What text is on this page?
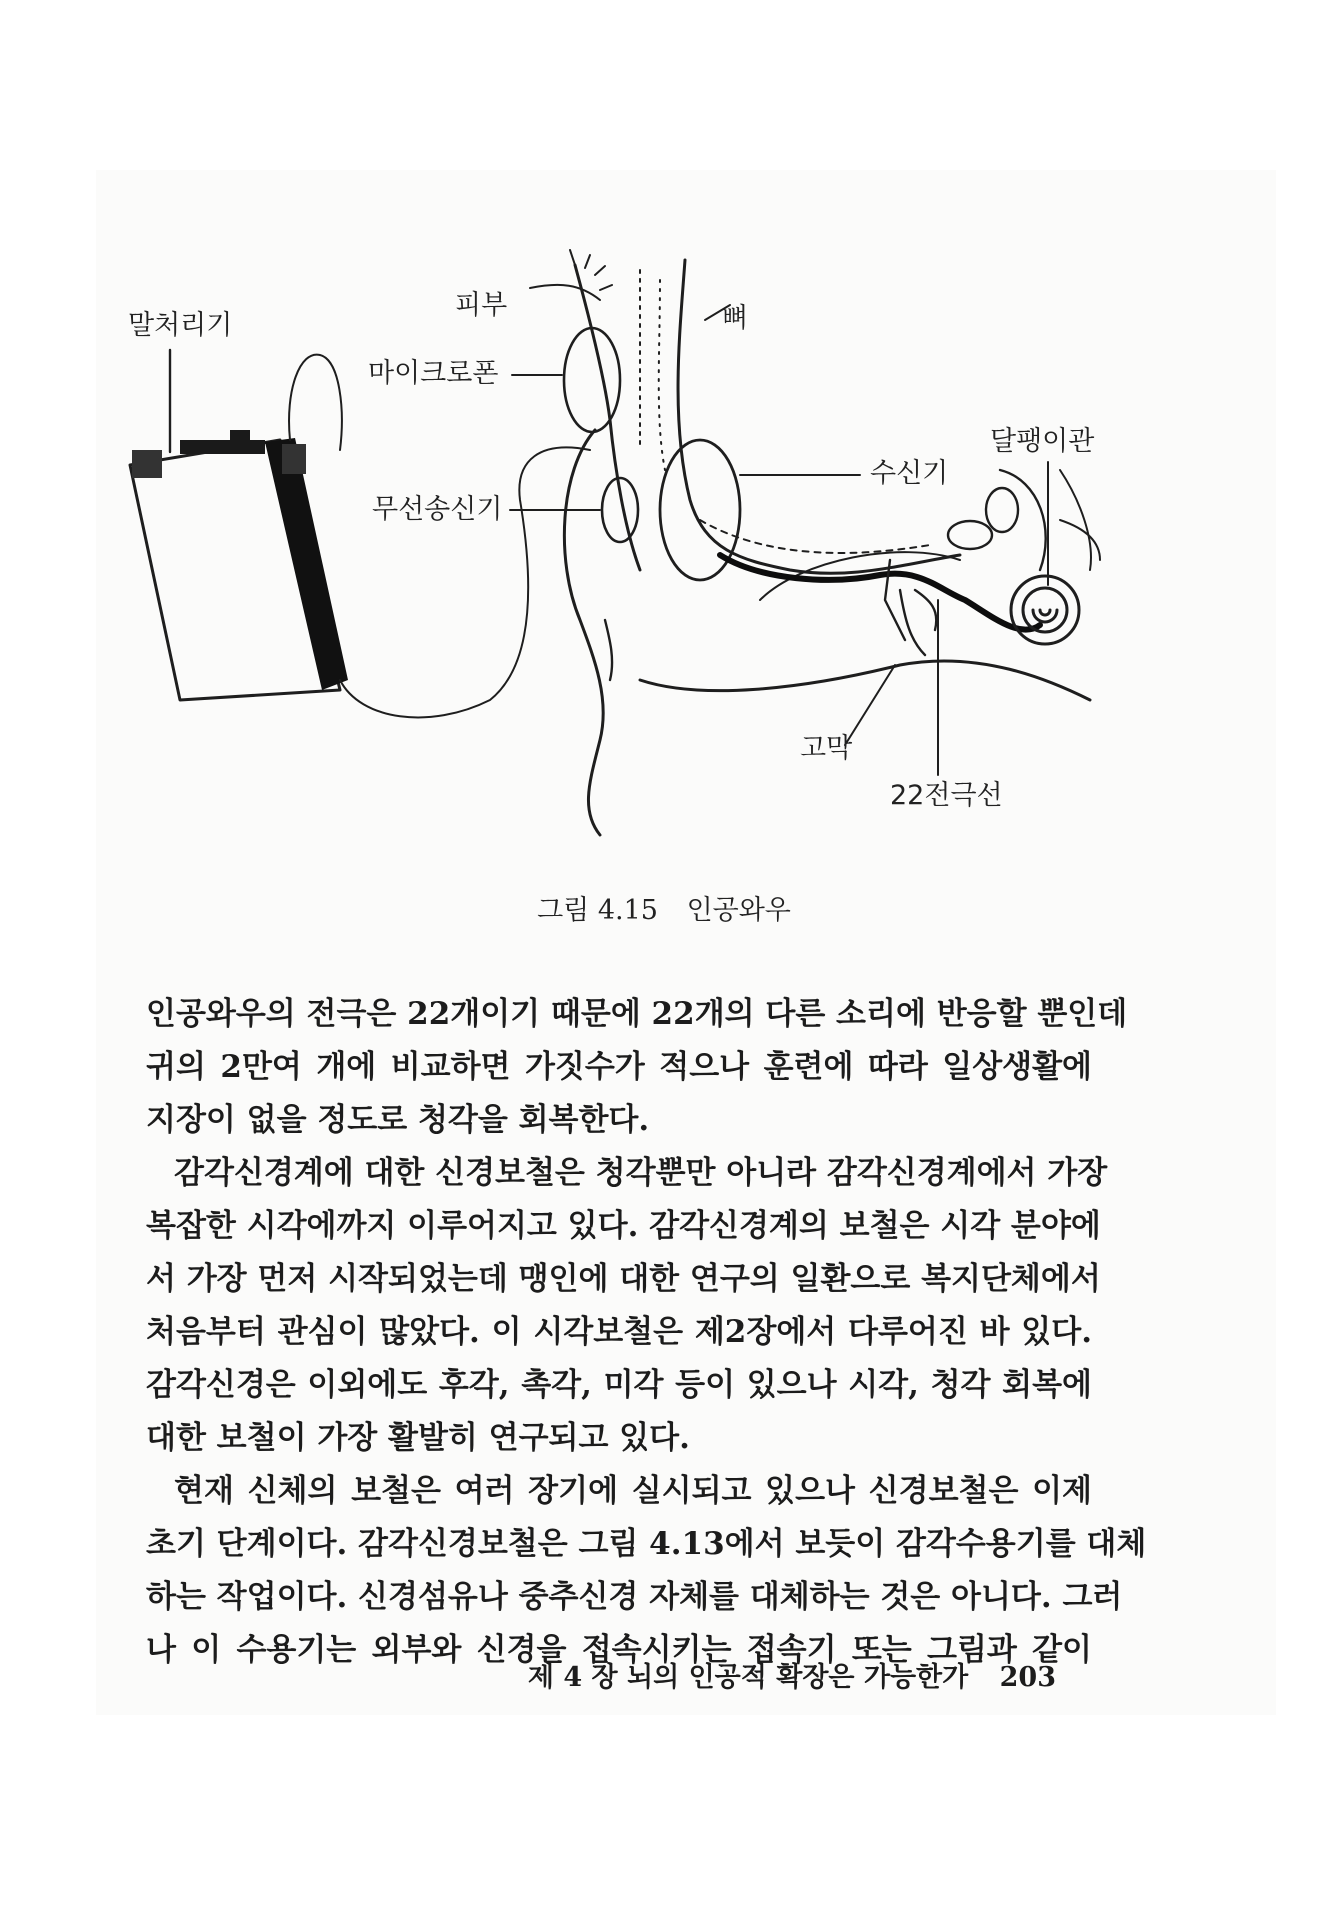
말처리기
피부
마이크로폰
뼈
무선송신기
수신기
달팽이관
고막
22전극선
그림 4.15 인공와우
인공와우의 전극은 22개이기 때문에 22개의 다른 소리에 반응할 뿐인데
귀의 2만여 개에 비교하면 가짓수가 적으나 훈련에 따라 일상생활에
지장이 없을 정도로 청각을 회복한다.
감각신경계에 대한 신경보철은 청각뿐만 아니라 감각신경계에서 가장
복잡한 시각에까지 이루어지고 있다. 감각신경계의 보철은 시각 분야에
서 가장 먼저 시작되었는데 맹인에 대한 연구의 일환으로 복지단체에서
처음부터 관심이 많았다. 이 시각보철은 제2장에서 다루어진 바 있다.
감각신경은 이외에도 후각, 촉각, 미각 등이 있으나 시각, 청각 회복에
대한 보철이 가장 활발히 연구되고 있다.
현재 신체의 보철은 여러 장기에 실시되고 있으나 신경보철은 이제
초기 단계이다. 감각신경보철은 그림 4.13에서 보듯이 감각수용기를 대체
하는 작업이다. 신경섬유나 중추신경 자체를 대체하는 것은 아니다. 그러
나 이 수용기는 외부와 신경을 접속시키는 접속기 또는 그림과 같이
제 4 장 뇌의 인공적 확장은 가능한가 203
